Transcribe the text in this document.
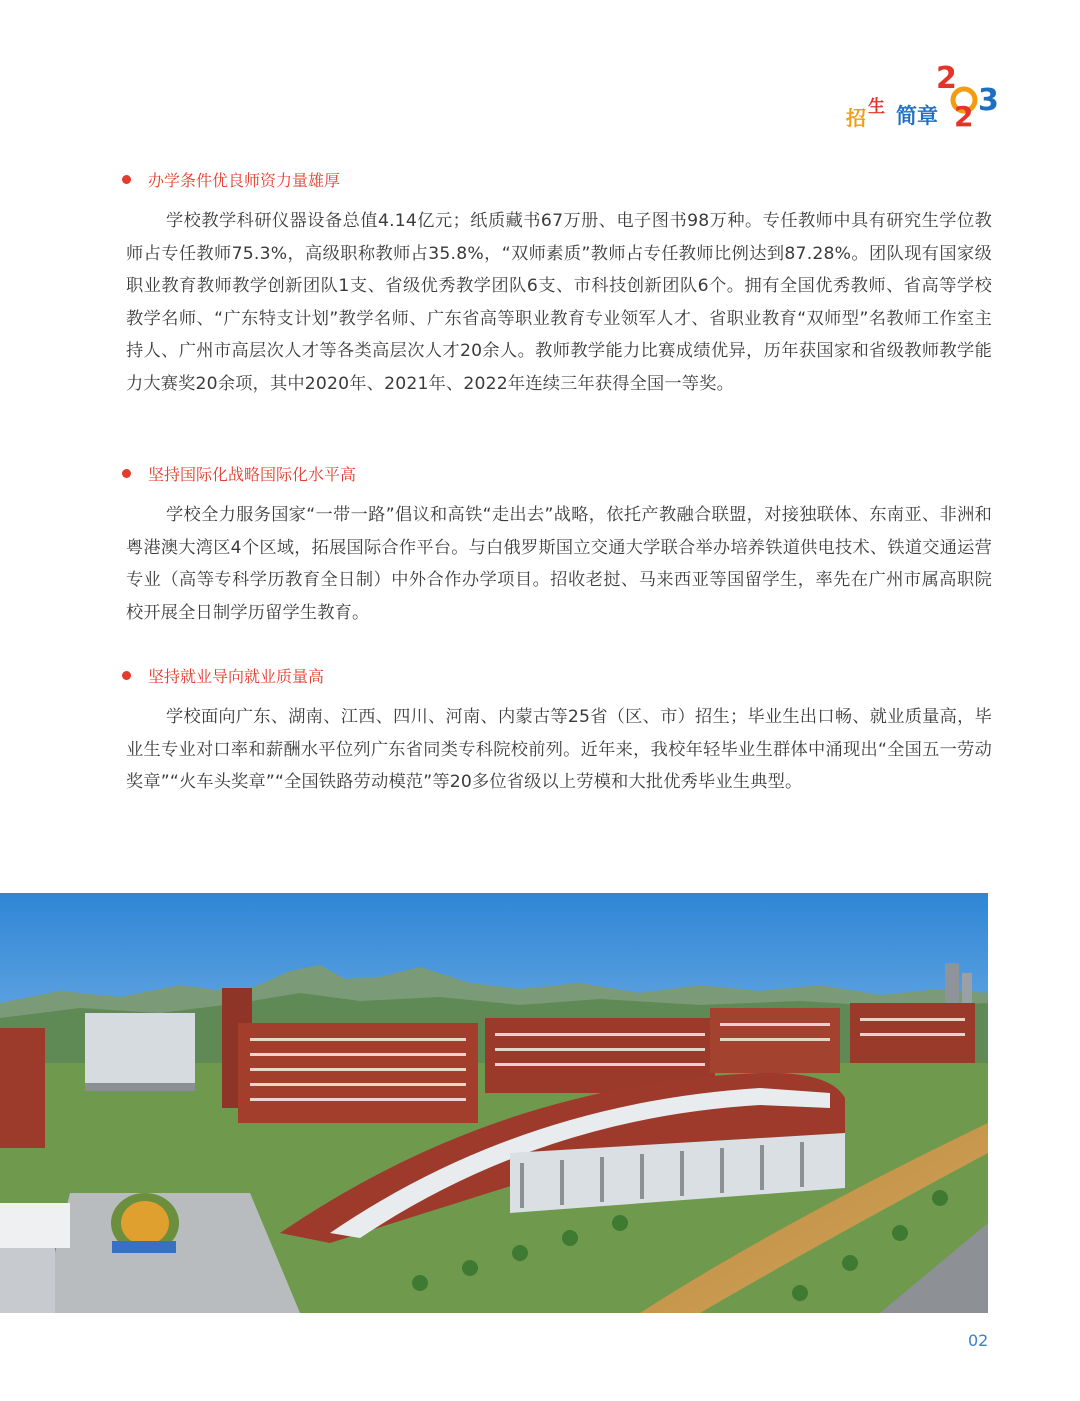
招 生 简章
2
2 3
办学条件优良师资力量雄厚

学校教学科研仪器设备总值4.14亿元；纸质藏书67万册、电子图书98万种。专任教师中具有研究生学位教师占专任教师75.3%，高级职称教师占35.8%，“双师素质”教师占专任教师比例达到87.28%。团队现有国家级职业教育教师教学创新团队1支、省级优秀教学团队6支、市科技创新团队6个。拥有全国优秀教师、省高等学校教学名师、“广东特支计划”教学名师、广东省高等职业教育专业领军人才、省职业教育“双师型”名教师工作室主持人、广州市高层次人才等各类高层次人才20余人。教师教学能力比赛成绩优异，历年获国家和省级教师教学能力大赛奖20余项，其中2020年、2021年、2022年连续三年获得全国一等奖。

坚持国际化战略国际化水平高

学校全力服务国家“一带一路”倡议和高铁“走出去”战略，依托产教融合联盟，对接独联体、东南亚、非洲和粤港澳大湾区4个区域，拓展国际合作平台。与白俄罗斯国立交通大学联合举办培养铁道供电技术、铁道交通运营专业（高等专科学历教育全日制）中外合作办学项目。招收老挝、马来西亚等国留学生，率先在广州市属高职院校开展全日制学历留学生教育。

坚持就业导向就业质量高

学校面向广东、湖南、江西、四川、河南、内蒙古等25省（区、市）招生；毕业生出口畅、就业质量高，毕业生专业对口率和薪酬水平位列广东省同类专科院校前列。近年来，我校年轻毕业生群体中涌现出“全国五一劳动奖章”“火车头奖章”“全国铁路劳动模范”等20多位省级以上劳模和大批优秀毕业生典型。

02
